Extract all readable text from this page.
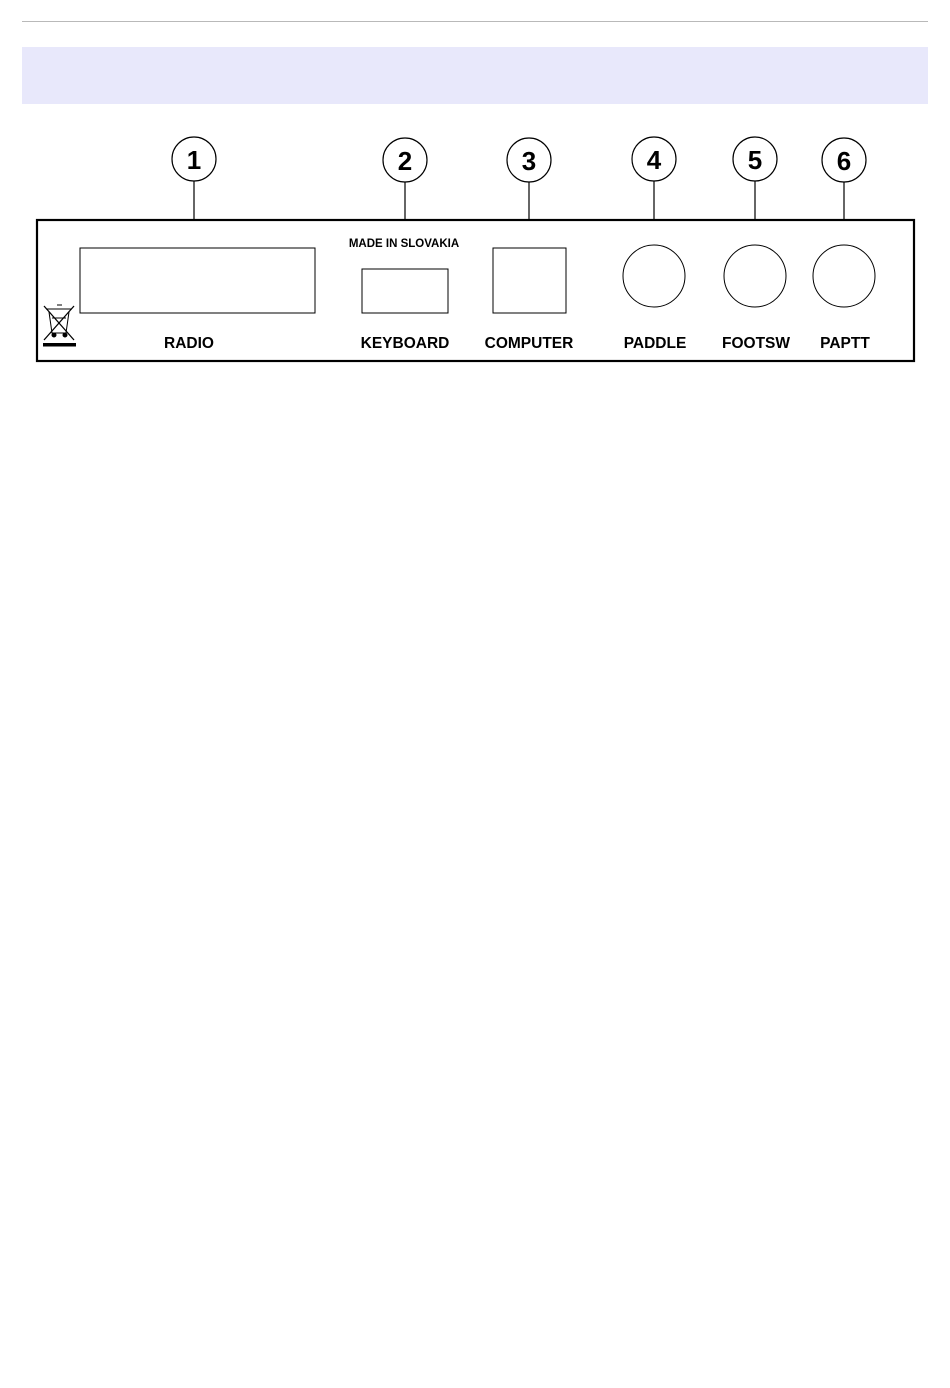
1	2	3	4	5	6
RADIO
MADE IN SLOVAKIA
KEYBOARD COMPUTER	PADDLE FOOTSW PAPTT
